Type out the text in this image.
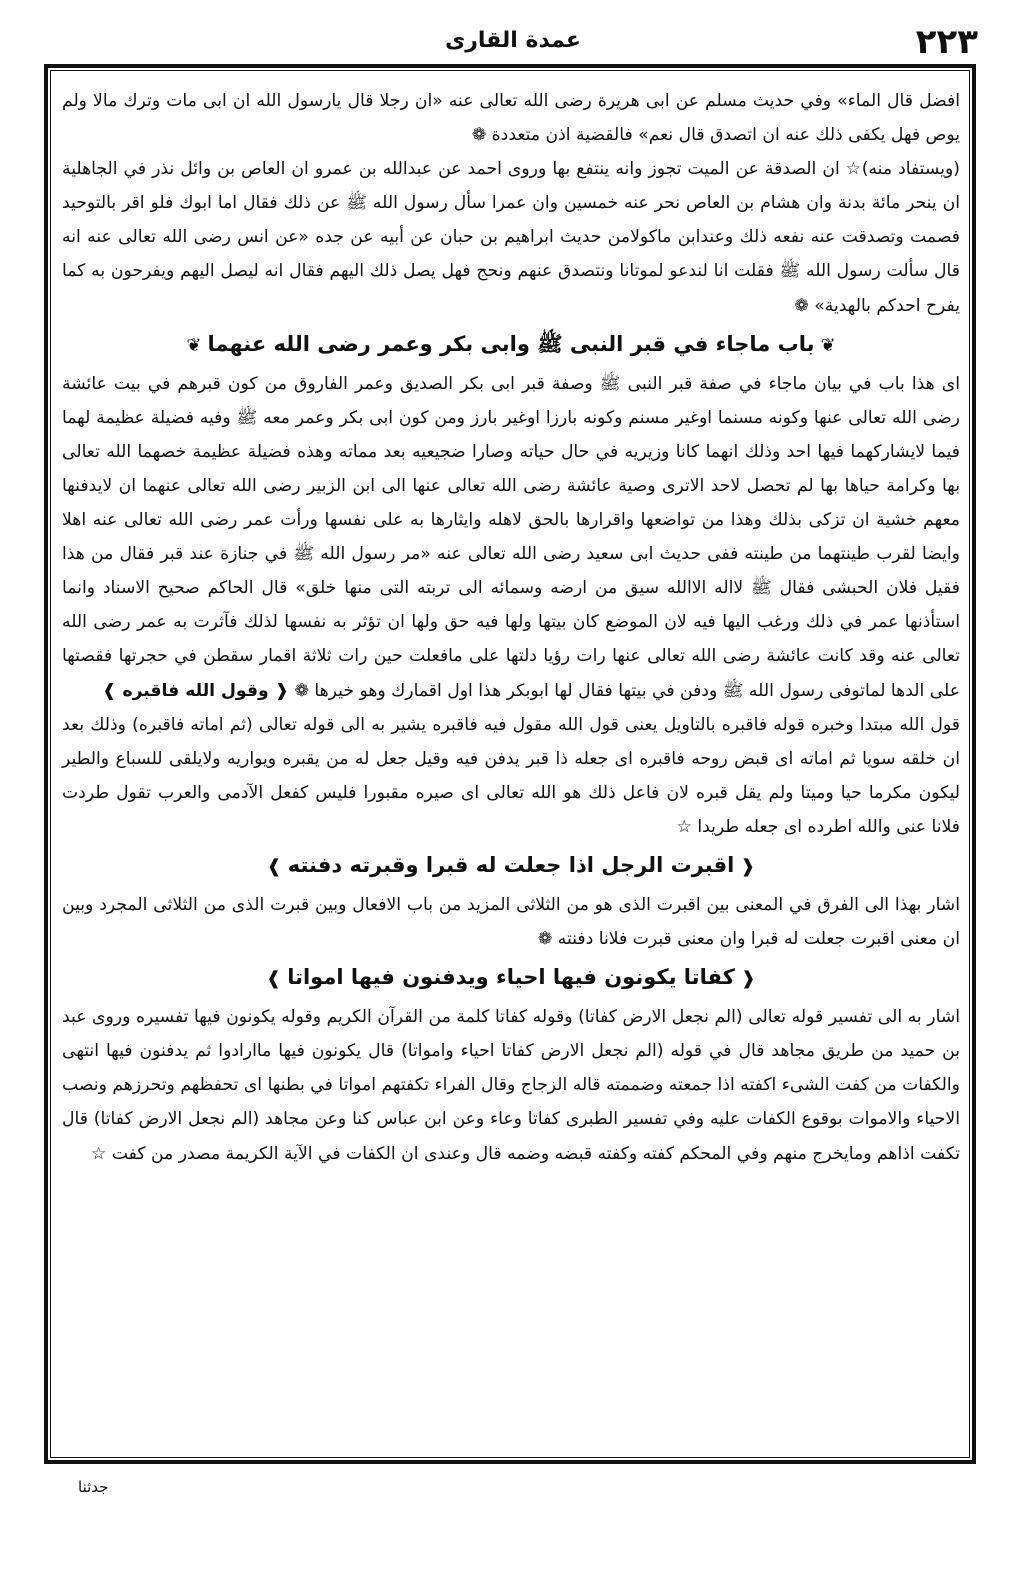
عمدة القاری	۲۲۳

افضل قال الماء» وفي حديث مسلم عن ابی هريرة رضی الله تعالى عنه «ان رجلا قال يارسول الله ان ابی مات وترك مالا ولم يوص فهل يكفی ذلك عنه ان اتصدق قال نعم» فالقضية اذن متعددة ❁

(ويستفاد منه)☆ ان الصدقة عن الميت تجوز وانه ينتفع بها وروى احمد عن عبدالله بن عمرو ان العاص بن وائل نذر في الجاهلية ان ينحر مائة بدنة وان هشام بن العاص نحر عنه خمسين وان عمرا سأل رسول الله ﷺ عن ذلك فقال اما ابوك فلو اقر بالتوحيد فصمت وتصدقت عنه نفعه ذلك وعندابن ماكولامن حديث ابراهيم بن حبان عن أبيه عن جده «عن انس رضی الله تعالى عنه انه قال سألت رسول الله ﷺ فقلت انا لندعو لموتانا ونتصدق عنهم ونحج فهل يصل ذلك اليهم فقال انه ليصل اليهم ويفرحون به كما يفرح احدكم بالهدية» ❁

❦باب ماجاء في قبر النبی ﷺ وابی بكر وعمر رضی الله عنهما❦

ای هذا باب في بيان ماجاء في صفة قبر النبی ﷺ وصفة قبر ابی بكر الصديق وعمر الفاروق من كون قبرهم في بيت عائشة رضی الله تعالى عنها وكونه مسنما اوغير مسنم وكونه بارزا اوغير بارز ومن كون ابی بكر وعمر معه ﷺ وفيه فضيلة عظيمة لهما فيما لايشاركهما فيها احد وذلك انهما كانا وزيريه في حال حياته وصارا ضجيعيه بعد مماته وهذه فضيلة عظيمة خصهما الله تعالى بها وكرامة حياها بها لم تحصل لاحد الاترى وصية عائشة رضی الله تعالى عنها الى ابن الزبير رضی الله تعالى عنهما ان لايدفنها معهم خشية ان تزكى بذلك وهذا من تواضعها واقرارها بالحق لاهله وايثارها به على نفسها ورأت عمر رضی الله تعالى عنه اهلا وايضا لقرب طينتهما من طينته ففی حديث ابی سعيد رضی الله تعالى عنه «مر رسول الله ﷺ في جنازة عند قبر فقال من هذا فقيل فلان الحبشی فقال ﷺ لااله الاالله سيق من ارضه وسمائه الى تربته التی منها خلق» قال الحاكم صحيح الاسناد وانما استأذنها عمر في ذلك ورغب اليها فيه لان الموضع كان بيتها ولها فيه حق ولها ان تؤثر به نفسها لذلك فآثرت به عمر رضی الله تعالى عنه وقد كانت عائشة رضی الله تعالى عنها رات رؤيا دلتها على مافعلت حين رات ثلاثة اقمار سقطن في حجرتها فقصتها على الدها لماتوفی رسول الله ﷺ ودفن في بيتها فقال لها ابوبكر هذا اول اقمارك وهو خيرها ❁ ❰ وقول الله فاقبره ❱

قول الله مبتدا وخبره قوله فاقبره بالتاويل يعنی قول الله مقول فيه فاقبره يشير به الى قوله تعالى (ثم اماته فاقبره) وذلك بعد ان خلقه سويا ثم اماته ای قبض روحه فاقبره ای جعله ذا قبر يدفن فيه وقيل جعل له من يقبره ويواريه ولايلقى للسباع والطير ليكون مكرما حيا وميتا ولم يقل قبره لان فاعل ذلك هو الله تعالى ای صيره مقبورا فليس كفعل الآدمی والعرب تقول طردت فلانا عنی والله اطرده ای جعله طريدا ☆

❰اقبرت الرجل اذا جعلت له قبرا وقبرته دفنته❱

اشار بهذا الى الفرق في المعنى بين اقبرت الذی هو من الثلاثی المزيد من باب الافعال وبين قبرت الذی من الثلاثی المجرد وبين ان معنى اقبرت جعلت له قبرا وان معنى قبرت فلانا دفنته ❁

❰كفاتا يكونون فيها احياء ويدفنون فيها امواتا❱

اشار به الى تفسير قوله تعالى (الم نجعل الارض كفاتا) وقوله كفاتا كلمة من القرآن الكريم وقوله يكونون فيها تفسيره وروى عبد بن حميد من طريق مجاهد قال في قوله (الم نجعل الارض كفاتا احياء وامواتا) قال يكونون فيها ماارادوا ثم يدفنون فيها انتهى والكفات من كفت الشیء اكفته اذا جمعته وضممته قاله الزجاج وقال الفراء تكفتهم امواتا في بطنها ای تحفظهم وتحرزهم ونصب الاحياء والاموات بوقوع الكفات عليه وفي تفسير الطبری كفاتا وعاء وعن ابن عباس كنا وعن مجاهد (الم نجعل الارض كفاتا) قال تكفت اذاهم ومايخرج منهم وفي المحكم كفته وكفته قبضه وضمه قال وعندی ان الكفات في الآية الكريمة مصدر من كفت ☆

جدثنا
